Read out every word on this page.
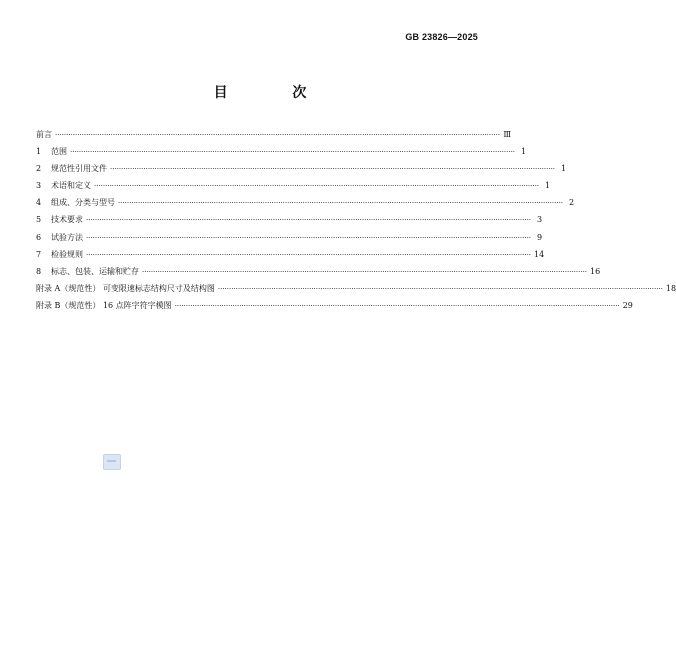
GB 23826—2025
目 次
前言 ········································································································································································································ Ⅲ
1	范围 ········································································································································································································ 1
2	规范性引用文件 ········································································································································································································ 1
3	术语和定义 ········································································································································································································ 1
4	组成、分类与型号 ········································································································································································································ 2
5	技术要求 ········································································································································································································ 3
6	试验方法 ········································································································································································································ 9
7	检验规则 ········································································································································································································ 14
8	标志、包装、运输和贮存 ········································································································································································································ 16
附录 A（规范性） 可变限速标志结构尺寸及结构图 ········································································································································································································ 18
附录 B（规范性） 16 点阵字符字模图 ········································································································································································································ 29
